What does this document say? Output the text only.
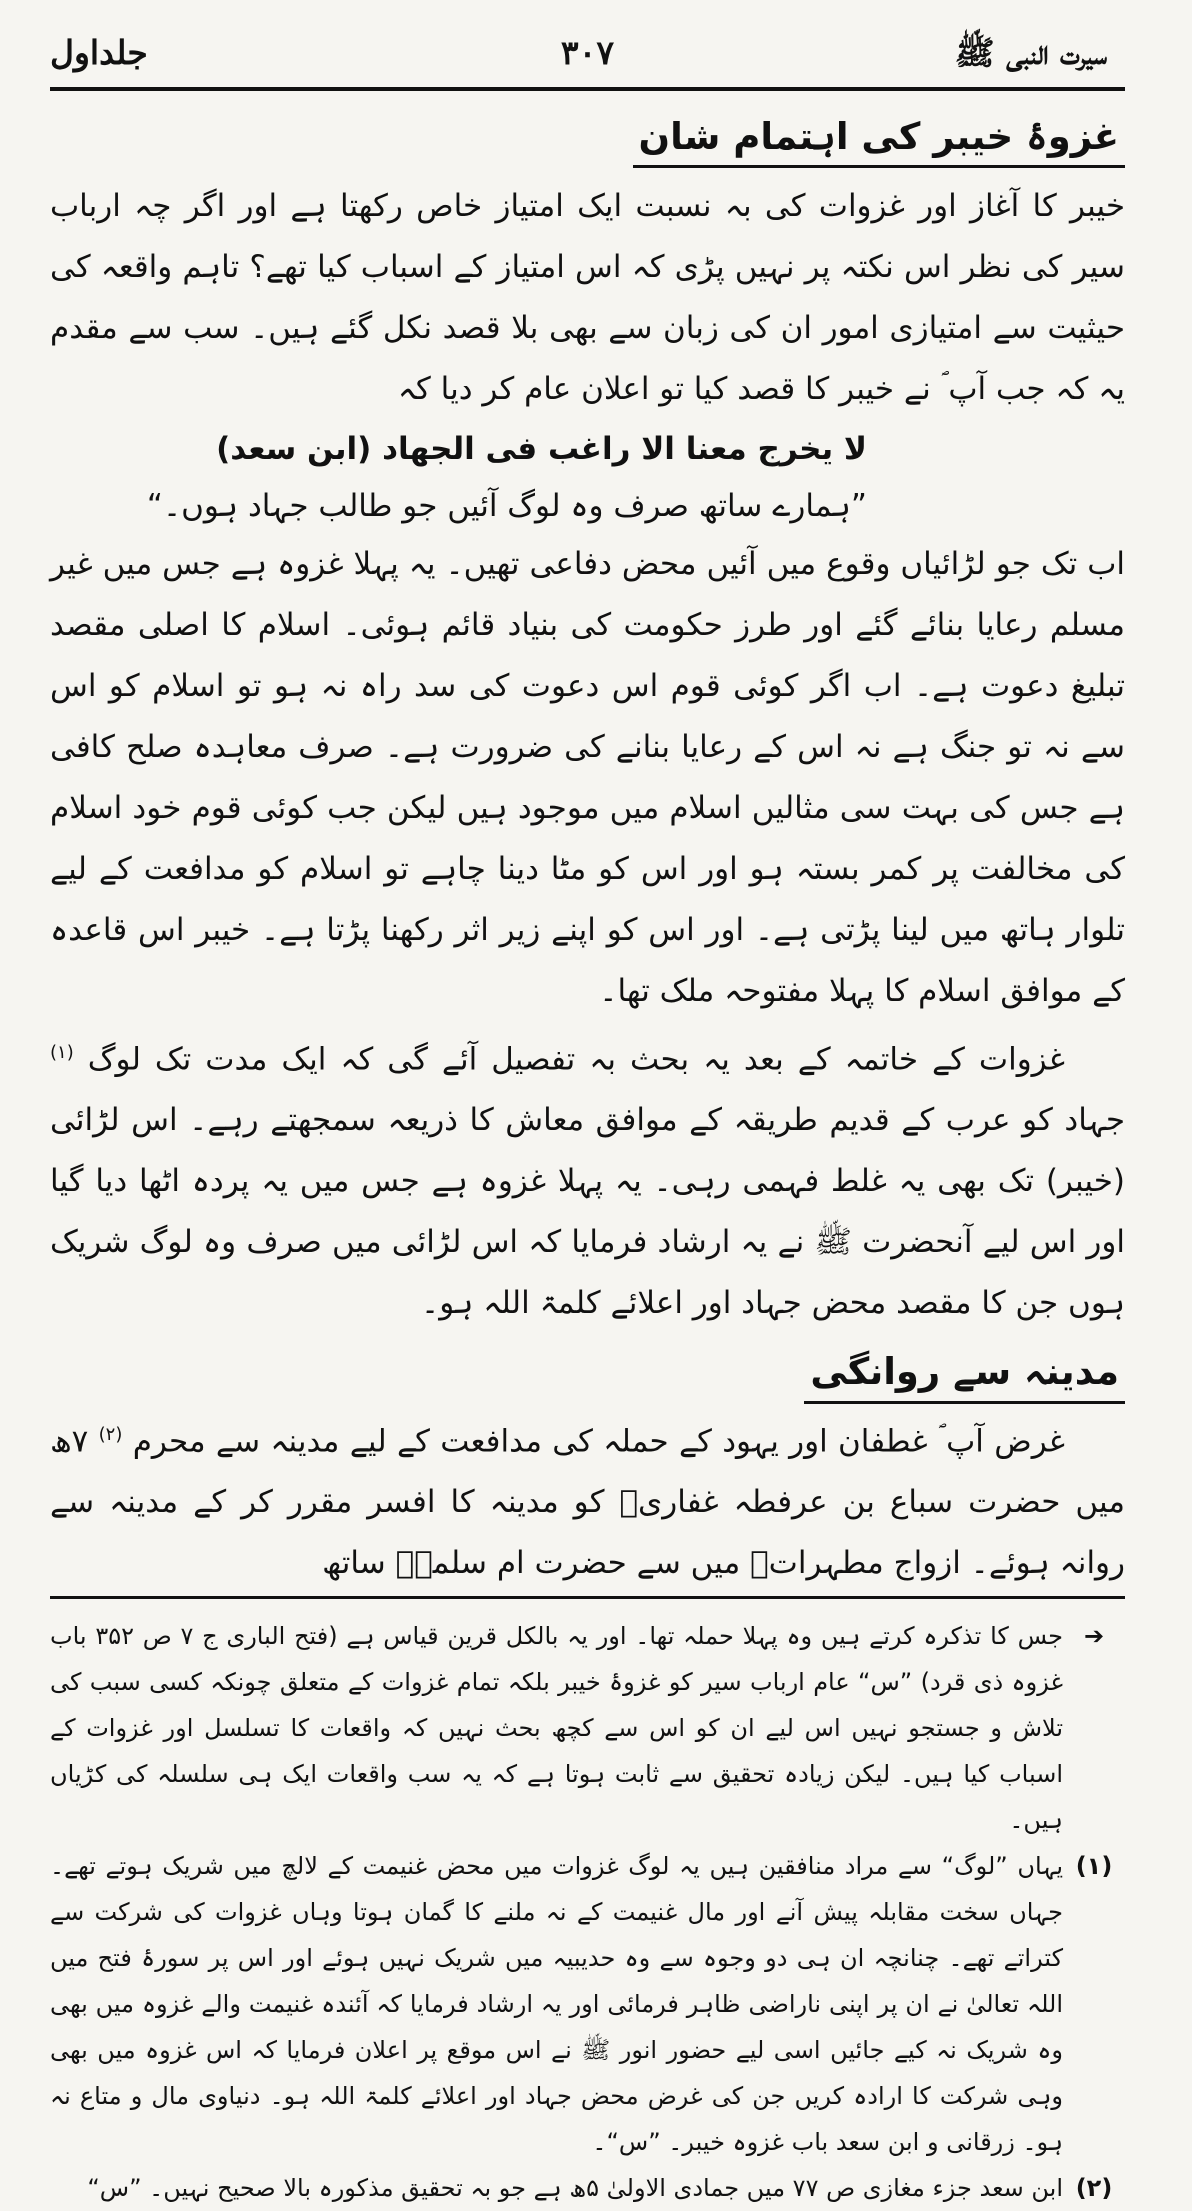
سیرت النبی ﷺ
۳۰۷
جلداول
غزوۂ خیبر کی اہتمام شان

خیبر کا آغاز اور غزوات کی بہ نسبت ایک امتیاز خاص رکھتا ہے اور اگر چہ ارباب سیر کی نظر اس نکتہ پر نہیں پڑی کہ اس امتیاز کے اسباب کیا تھے؟ تاہم واقعہ کی حیثیت سے امتیازی امور ان کی زبان سے بھی بلا قصد نکل گئے ہیں۔ سب سے مقدم یہ کہ جب آپ ؐ نے خیبر کا قصد کیا تو اعلان عام کر دیا کہ

لا يخرج معنا الا راغب فى الجهاد (ابن سعد)
”ہمارے ساتھ صرف وہ لوگ آئیں جو طالب جہاد ہوں۔“

اب تک جو لڑائیاں وقوع میں آئیں محض دفاعی تھیں۔ یہ پہلا غزوہ ہے جس میں غیر مسلم رعایا بنائے گئے اور طرز حکومت کی بنیاد قائم ہوئی۔ اسلام کا اصلی مقصد تبلیغ دعوت ہے۔ اب اگر کوئی قوم اس دعوت کی سد راہ نہ ہو تو اسلام کو اس سے نہ تو جنگ ہے نہ اس کے رعایا بنانے کی ضرورت ہے۔ صرف معاہدہ صلح کافی ہے جس کی بہت سی مثالیں اسلام میں موجود ہیں لیکن جب کوئی قوم خود اسلام کی مخالفت پر کمر بستہ ہو اور اس کو مٹا دینا چاہے تو اسلام کو مدافعت کے لیے تلوار ہاتھ میں لینا پڑتی ہے۔ اور اس کو اپنے زیر اثر رکھنا پڑتا ہے۔ خیبر اس قاعدہ کے موافق اسلام کا پہلا مفتوحہ ملک تھا۔

غزوات کے خاتمہ کے بعد یہ بحث بہ تفصیل آئے گی کہ ایک مدت تک لوگ $^{(۱)}$ جہاد کو عرب کے قدیم طریقہ کے موافق معاش کا ذریعہ سمجھتے رہے۔ اس لڑائی (خیبر) تک بھی یہ غلط فہمی رہی۔ یہ پہلا غزوہ ہے جس میں یہ پردہ اٹھا دیا گیا اور اس لیے آنحضرت ﷺ نے یہ ارشاد فرمایا کہ اس لڑائی میں صرف وہ لوگ شریک ہوں جن کا مقصد محض جہاد اور اعلائے کلمۃ اللہ ہو۔

مدینہ سے روانگی

غرض آپ ؐ غطفان اور یہود کے حملہ کی مدافعت کے لیے مدینہ سے محرم $^{(۲)}$ ۷ھ میں حضرت سباع بن عرفطہ غفاریؓ کو مدینہ کا افسر مقرر کر کے مدینہ سے روانہ ہوئے۔ ازواج مطہراتؓ میں سے حضرت ام سلمہؓ ساتھ

➔
جس کا تذکرہ کرتے ہیں وہ پہلا حملہ تھا۔ اور یہ بالکل قرین قیاس ہے (فتح الباری ج ۷ ص ۳۵۲ باب غزوہ ذی قرد) ”س“ عام ارباب سیر کو غزوۂ خیبر بلکہ تمام غزوات کے متعلق چونکہ کسی سبب کی تلاش و جستجو نہیں اس لیے ان کو اس سے کچھ بحث نہیں کہ واقعات کا تسلسل اور غزوات کے اسباب کیا ہیں۔ لیکن زیادہ تحقیق سے ثابت ہوتا ہے کہ یہ سب واقعات ایک ہی سلسلہ کی کڑیاں ہیں۔
(۱)
یہاں ”لوگ“ سے مراد منافقین ہیں یہ لوگ غزوات میں محض غنیمت کے لالچ میں شریک ہوتے تھے۔ جہاں سخت مقابلہ پیش آنے اور مال غنیمت کے نہ ملنے کا گمان ہوتا وہاں غزوات کی شرکت سے کتراتے تھے۔ چنانچہ ان ہی دو وجوہ سے وہ حدیبیہ میں شریک نہیں ہوئے اور اس پر سورۂ فتح میں اللہ تعالیٰ نے ان پر اپنی ناراضی ظاہر فرمائی اور یہ ارشاد فرمایا کہ آئندہ غنیمت والے غزوہ میں بھی وہ شریک نہ کیے جائیں اسی لیے حضور انور ﷺ نے اس موقع پر اعلان فرمایا کہ اس غزوہ میں بھی وہی شرکت کا ارادہ کریں جن کی غرض محض جہاد اور اعلائے کلمۃ اللہ ہو۔ دنیاوی مال و متاع نہ ہو۔ زرقانی و ابن سعد باب غزوہ خیبر۔ ”س“۔
(۲)
ابن سعد جزء مغازی ص ۷۷ میں جمادی الاولیٰ ۵ھ ہے جو بہ تحقیق مذکورہ بالا صحیح نہیں۔ ”س“
